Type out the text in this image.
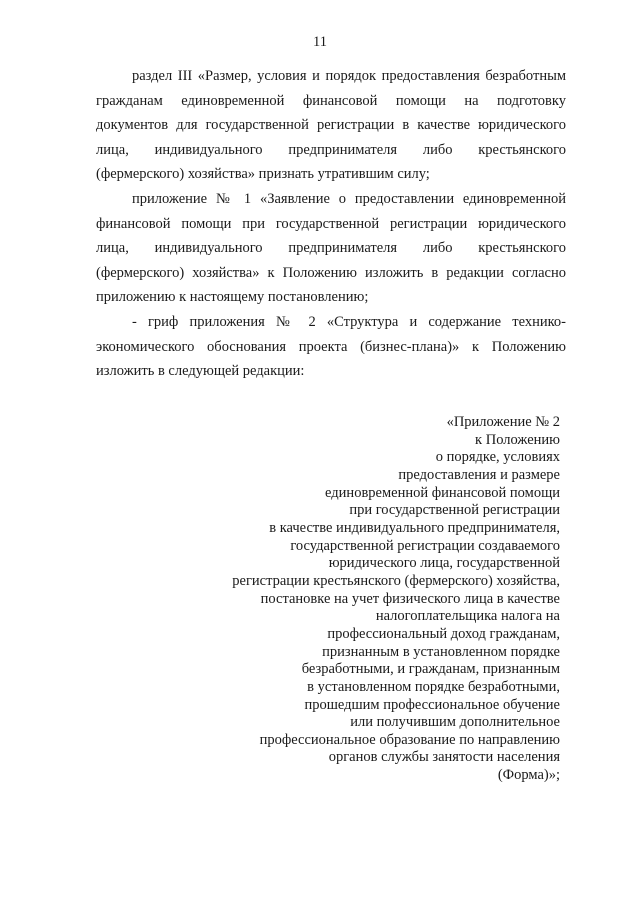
11

раздел III «Размер, условия и порядок предоставления безработным гражданам единовременной финансовой помощи на подготовку документов для государственной регистрации в качестве юридического лица, индивидуального предпринимателя либо крестьянского (фермерского) хозяйства» признать утратившим силу;

приложение № 1 «Заявление о предоставлении единовременной финансовой помощи при государственной регистрации юридического лица, индивидуального предпринимателя либо крестьянского (фермерского) хозяйства» к Положению изложить в редакции согласно приложению к настоящему постановлению;

- гриф приложения № 2 «Структура и содержание технико-экономического обоснования проекта (бизнес-плана)» к Положению изложить в следующей редакции:

«Приложение № 2
к Положению
о порядке, условиях
предоставления и размере
единовременной финансовой помощи
при государственной регистрации
в качестве индивидуального предпринимателя,
государственной регистрации создаваемого
юридического лица, государственной
регистрации крестьянского (фермерского) хозяйства,
постановке на учет физического лица в качестве
налогоплательщика налога на
профессиональный доход гражданам,
признанным в установленном порядке
безработными, и гражданам, признанным
в установленном порядке безработными,
прошедшим профессиональное обучение
или получившим дополнительное
профессиональное образование по направлению
органов службы занятости населения
(Форма)»;
